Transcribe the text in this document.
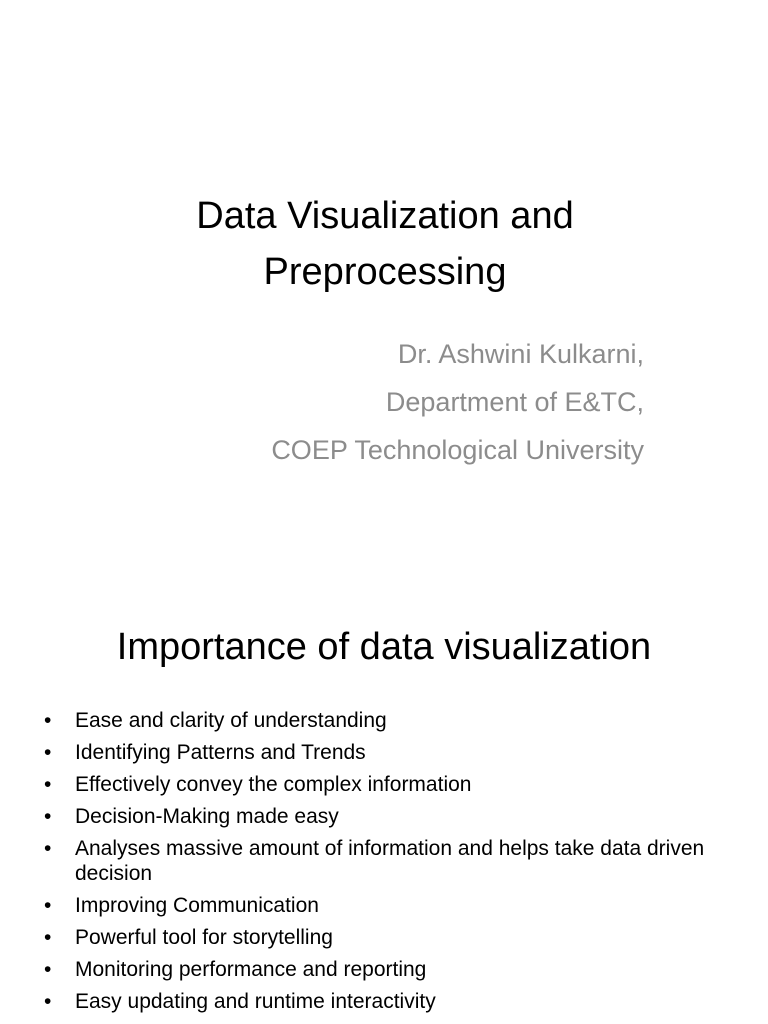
Data Visualization and
Preprocessing
Dr. Ashwini Kulkarni,
Department of E&TC,
COEP Technological University
Importance of data visualization
• Ease and clarity of understanding
• Identifying Patterns and Trends
• Effectively convey the complex information
• Decision-Making made easy
• Analyses massive amount of information and helps take data driven decision
• Improving Communication
• Powerful tool for storytelling
• Monitoring performance and reporting
• Easy updating and runtime interactivity
